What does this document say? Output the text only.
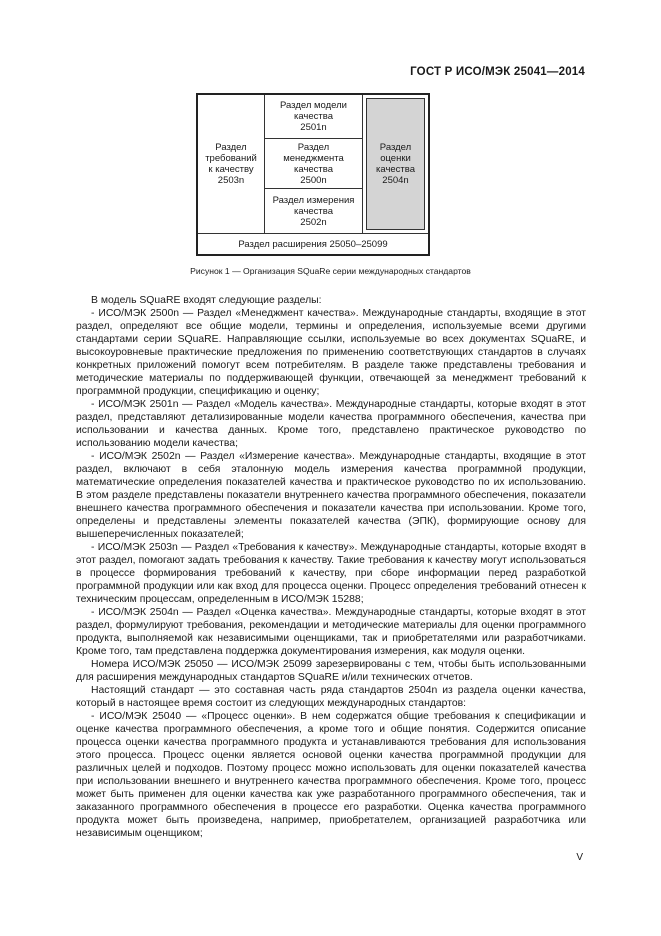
ГОСТ Р ИСО/МЭК 25041—2014
Раздел
требований
к качеству
2503n
Раздел модели
качества
2501n
Раздел
менеджмента
качества
2500n
Раздел измерения
качества
2502n
Раздел
оценки
качества
2504n
Раздел расширения 25050–25099
Рисунок 1 — Организация SQuaRe серии международных стандартов

В модель SQuaRE входят следующие разделы:

- ИСО/МЭК 2500n — Раздел «Менеджмент качества». Международные стандарты, входящие в этот раздел, определяют все общие модели, термины и определения, используемые всеми другими стандартами серии SQuaRE. Направляющие ссылки, используемые во всех документах SQuaRE, и высокоуровневые практические предложения по применению соответствующих стандартов в случаях конкретных приложений помогут всем потребителям. В разделе также представлены требования и методические материалы по поддерживающей функции, отвечающей за менеджмент требований к программной продукции, спецификацию и оценку;

- ИСО/МЭК 2501n — Раздел «Модель качества». Международные стандарты, которые входят в этот раздел, представляют детализированные модели качества программного обеспечения, качества при использовании и качества данных. Кроме того, представлено практическое руководство по использованию модели качества;

- ИСО/МЭК 2502n — Раздел «Измерение качества». Международные стандарты, входящие в этот раздел, включают в себя эталонную модель измерения качества программной продукции, математические определения показателей качества и практическое руководство по их использованию. В этом разделе представлены показатели внутреннего качества программного обеспечения, показатели внешнего качества программного обеспечения и показатели качества при использовании. Кроме того, определены и представлены элементы показателей качества (ЭПК), формирующие основу для вышеперечисленных показателей;

- ИСО/МЭК 2503n — Раздел «Требования к качеству». Международные стандарты, которые входят в этот раздел, помогают задать требования к качеству. Такие требования к качеству могут использоваться в процессе формирования требований к качеству, при сборе информации перед разработкой программной продукции или как вход для процесса оценки. Процесс определения требований отнесен к техническим процессам, определенным в ИСО/МЭК 15288;

- ИСО/МЭК 2504n — Раздел «Оценка качества». Международные стандарты, которые входят в этот раздел, формулируют требования, рекомендации и методические материалы для оценки программного продукта, выполняемой как независимыми оценщиками, так и приобретателями или разработчиками. Кроме того, там представлена поддержка документирования измерения, как модуля оценки.

Номера ИСО/МЭК 25050 — ИСО/МЭК 25099 зарезервированы с тем, чтобы быть использованными для расширения международных стандартов SQuaRE и/или технических отчетов.

Настоящий стандарт — это составная часть ряда стандартов 2504n из раздела оценки качества, который в настоящее время состоит из следующих международных стандартов:

- ИСО/МЭК 25040 — «Процесс оценки». В нем содержатся общие требования к спецификации и оценке качества программного обеспечения, а кроме того и общие понятия. Содержится описание процесса оценки качества программного продукта и устанавливаются требования для использования этого процесса. Процесс оценки является основой оценки качества программной продукции для различных целей и подходов. Поэтому процесс можно использовать для оценки показателей качества при использовании внешнего и внутреннего качества программного обеспечения. Кроме того, процесс может быть применен для оценки качества как уже разработанного программного обеспечения, так и заказанного программного обеспечения в процессе его разработки. Оценка качества программного продукта может быть произведена, например, приобретателем, организацией разработчика или независимым оценщиком;

V
